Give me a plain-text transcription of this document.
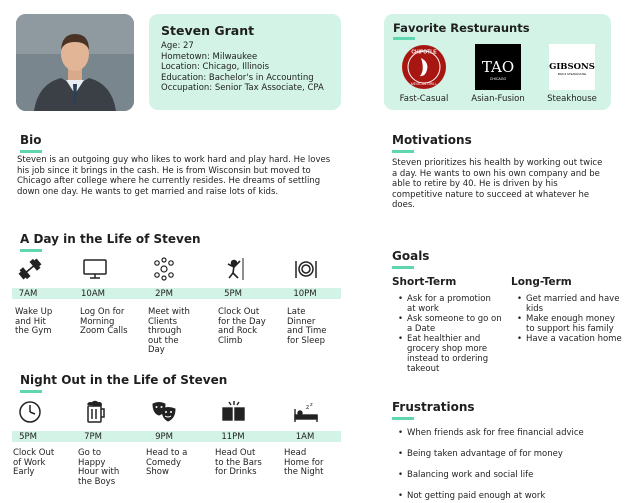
Steven Grant
Age: 27
Hometown: Milwaukee
Location: Chicago, Illinois
Education: Bachelor's in Accounting
Occupation: Senior Tax Associate, CPA
Favorite Resturaunts
CHIPOTLE
MEXICAN GRILL
Fast-Casual
TAO
CHICAGO
Asian-Fusion
GIBSONS
BAR & STEAKHOUSE
Steakhouse
Bio
Steven is an outgoing guy who likes to work hard and play hard. He loves his job since it brings in the cash. He is from Wisconsin but moved to Chicago after college where he currently resides. He dreams of settling down one day. He wants to get married and raise lots of kids.
Motivations
Steven prioritizes his health by working out twice a day. He wants to own his own company and be able to retire by 40. He is driven by his competitive nature to succeed at whatever he does.
A Day in the Life of Steven
7AM	10AM	2PM	5PM	10PM
Wake Up and Hit the Gym
Log On for Morning Zoom Calls
Meet with Clients through out the Day
Clock Out for the Day and Rock Climb
Late Dinner and Time for Sleep
Night Out in the Life of Steven
z z
5PM	7PM	9PM	11PM	1AM
Clock Out of Work Early
Go to Happy Hour with the Boys
Head to a Comedy Show
Head Out to the Bars for Drinks
Head Home for the Night
Goals
Short-Term	Long-Term
• Ask for a promotion at work
• Ask someone to go on a Date
• Eat healthier and grocery shop more instead to ordering takeout
• Get married and have kids
• Make enough money to support his family
• Have a vacation home
Frustrations
• When friends ask for free financial advice
• Being taken advantage of for money
• Balancing work and social life
• Not getting paid enough at work
